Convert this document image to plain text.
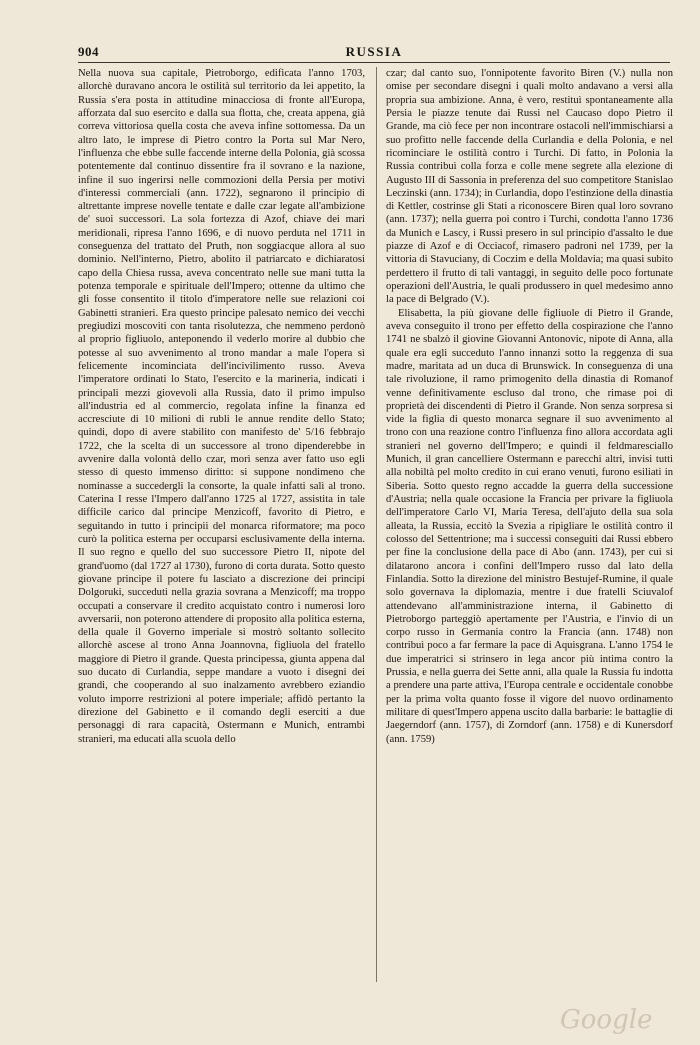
904	RUSSIA

Nella nuova sua capitale, Pietroborgo, edificata l'anno 1703, allorchè duravano ancora le ostilità sul territorio da lei appetito, la Russia s'era posta in attitudine minacciosa di fronte all'Europa, afforzata dal suo esercito e dalla sua flotta, che, creata appena, già correva vittoriosa quella costa che aveva infine sottomessa. Da un altro lato, le imprese di Pietro contro la Porta sul Mar Nero, l'influenza che ebbe sulle faccende interne della Polonia, già scossa potentemente dal continuo dissentire fra il sovrano e la nazione, infine il suo ingerirsi nelle commozioni della Persia per motivi d'interessi commerciali (ann. 1722), segnarono il principio di altrettante imprese novelle tentate e dalle czar legate all'ambizione de' suoi successori. La sola fortezza di Azof, chiave dei mari meridionali, ripresa l'anno 1696, e di nuovo perduta nel 1711 in conseguenza del trattato del Pruth, non soggiacque allora al suo dominio. Nell'interno, Pietro, abolito il patriarcato e dichiaratosi capo della Chiesa russa, aveva concentrato nelle sue mani tutta la potenza temporale e spirituale dell'Impero; ottenne da ultimo che gli fosse consentito il titolo d'imperatore nelle sue relazioni coi Gabinetti stranieri. Era questo principe palesato nemico dei vecchi pregiudizi moscoviti con tanta risolutezza, che nemmeno perdonò al proprio figliuolo, anteponendo il vederlo morire al dubbio che potesse al suo avvenimento al trono mandar a male l'opera sì felicemente incominciata dell'incivilimento russo. Aveva l'imperatore ordinati lo Stato, l'esercito e la marineria, indicati i principali mezzi giovevoli alla Russia, dato il primo impulso all'industria ed al commercio, regolata infine la finanza ed accresciute di 10 milioni di rubli le annue rendite dello Stato; quindi, dopo di avere stabilito con manifesto de' 5/16 febbrajo 1722, che la scelta di un successore al trono dipenderebbe in avvenire dalla volontà dello czar, morì senza aver fatto uso egli stesso di questo immenso diritto: si suppone nondimeno che nominasse a succedergli la consorte, la quale infatti salì al trono. Caterina I resse l'Impero dall'anno 1725 al 1727, assistita in tale difficile carico dal principe Menzicoff, favorito di Pietro, e seguitando in tutto i principii del monarca riformatore; ma poco curò la politica esterna per occuparsi esclusivamente della interna. Il suo regno e quello del suo successore Pietro II, nipote del grand'uomo (dal 1727 al 1730), furono di corta durata. Sotto questo giovane principe il potere fu lasciato a discrezione dei principi Dolgoruki, succeduti nella grazia sovrana a Menzicoff; ma troppo occupati a conservare il credito acquistato contro i numerosi loro avversarii, non poterono attendere di proposito alla politica esterna, della quale il Governo imperiale si mostrò soltanto sollecito allorchè ascese al trono Anna Joannovna, figliuola del fratello maggiore di Pietro il grande. Questa principessa, giunta appena dal suo ducato di Curlandia, seppe mandare a vuoto i disegni dei grandi, che cooperando al suo inalzamento avrebbero eziandio voluto imporre restrizioni al potere imperiale; affidò pertanto la direzione del Gabinetto e il comando degli eserciti a due personaggi di rara capacità, Ostermann e Munich, entrambi stranieri, ma educati alla scuola dello

czar; dal canto suo, l'onnipotente favorito Biren (V.) nulla non omise per secondare disegni i quali molto andavano a versi alla propria sua ambizione. Anna, è vero, restituì spontaneamente alla Persia le piazze tenute dai Russi nel Caucaso dopo Pietro il Grande, ma ciò fece per non incontrare ostacoli nell'immischiarsi a suo profitto nelle faccende della Curlandia e della Polonia, e nel ricominciare le ostilità contro i Turchi. Di fatto, in Polonia la Russia contribuì colla forza e colle mene segrete alla elezione di Augusto III di Sassonia in preferenza del suo competitore Stanislao Leczinski (ann. 1734); in Curlandia, dopo l'estinzione della dinastia di Kettler, costrinse gli Stati a riconoscere Biren qual loro sovrano (ann. 1737); nella guerra poi contro i Turchi, condotta l'anno 1736 da Munich e Lascy, i Russi presero in sul principio d'assalto le due piazze di Azof e di Occiacof, rimasero padroni nel 1739, per la vittoria di Stavuciany, di Coczim e della Moldavia; ma quasi subito perdettero il frutto di tali vantaggi, in seguito delle poco fortunate operazioni dell'Austria, le quali produssero in quel medesimo anno la pace di Belgrado (V.).

Elisabetta, la più giovane delle figliuole di Pietro il Grande, aveva conseguito il trono per effetto della cospirazione che l'anno 1741 ne sbalzò il giovine Giovanni Antonovic, nipote di Anna, alla quale era egli succeduto l'anno innanzi sotto la reggenza di sua madre, maritata ad un duca di Brunswick. In conseguenza di una tale rivoluzione, il ramo primogenito della dinastia di Romanof venne definitivamente escluso dal trono, che rimase poi di proprietà dei discendenti di Pietro il Grande. Non senza sorpresa si vide la figlia di questo monarca segnare il suo avvenimento al trono con una reazione contro l'influenza fino allora accordata agli stranieri nel governo dell'Impero; e quindi il feldmaresciallo Munich, il gran cancelliere Ostermann e parecchi altri, invisi tutti alla nobiltà pel molto credito in cui erano venuti, furono esiliati in Siberia. Sotto questo regno accadde la guerra della successione d'Austria; nella quale occasione la Francia per privare la figliuola dell'imperatore Carlo VI, Maria Teresa, dell'ajuto della sua sola alleata, la Russia, eccitò la Svezia a ripigliare le ostilità contro il colosso del Settentrione; ma i successi conseguiti dai Russi ebbero per fine la conclusione della pace di Abo (ann. 1743), per cui si dilatarono ancora i confini dell'Impero russo dal lato della Finlandia. Sotto la direzione del ministro Bestujef-Rumine, il quale solo governava la diplomazia, mentre i due fratelli Sciuvalof attendevano all'amministrazione interna, il Gabinetto di Pietroborgo parteggiò apertamente per l'Austria, e l'invio di un corpo russo in Germania contro la Francia (ann. 1748) non contribuì poco a far fermare la pace di Aquisgrana. L'anno 1754 le due imperatrici si strinsero in lega ancor più intima contro la Prussia, e nella guerra dei Sette anni, alla quale la Russia fu indotta a prendere una parte attiva, l'Europa centrale e occidentale conobbe per la prima volta quanto fosse il vigore del nuovo ordinamento militare di quest'Impero appena uscito dalla barbarie: le battaglie di Jaegerndorf (ann. 1757), di Zorndorf (ann. 1758) e di Kunersdorf (ann. 1759)

Google
